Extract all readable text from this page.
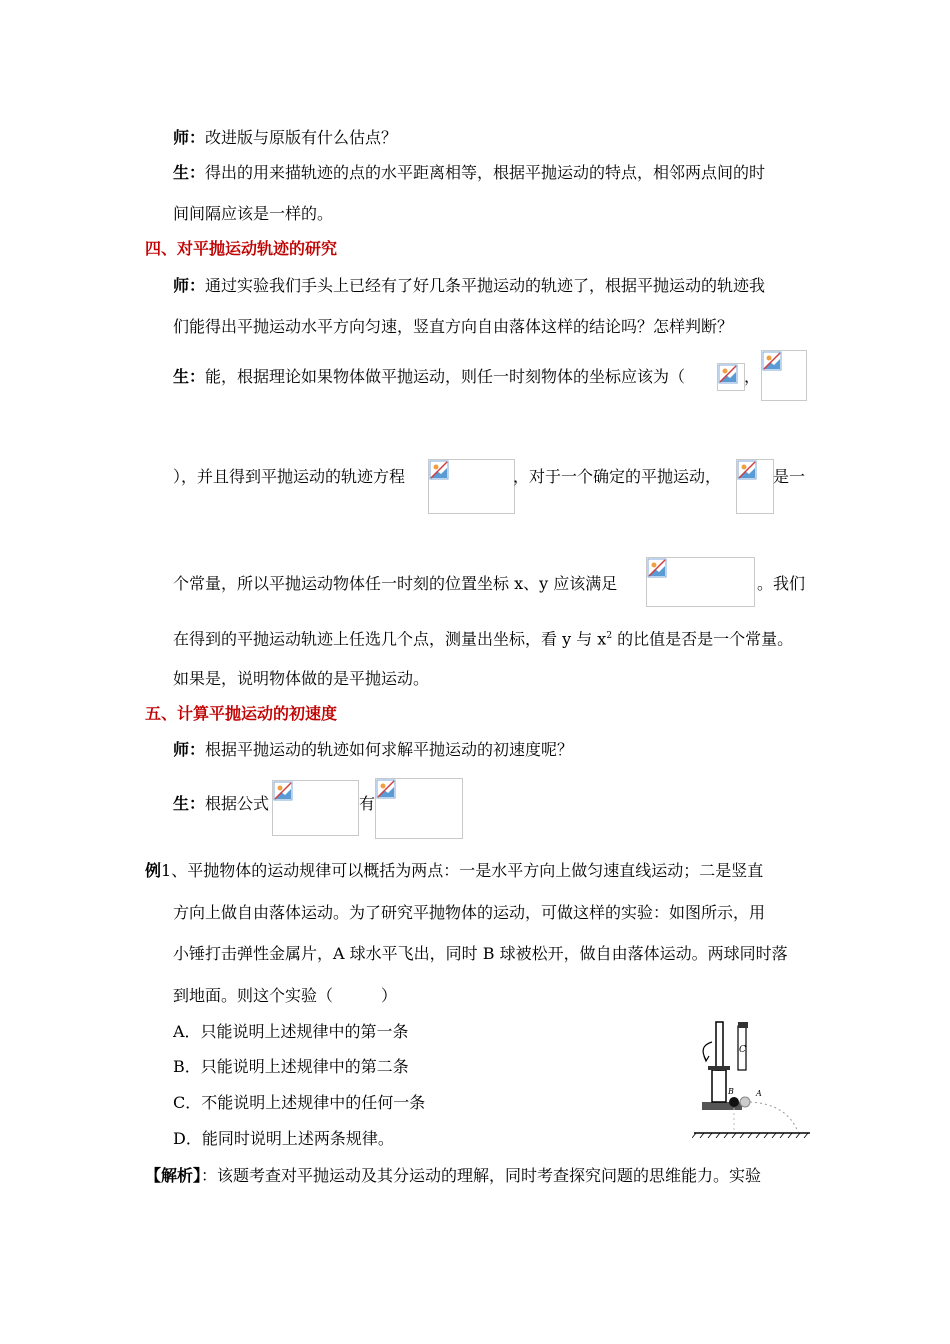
师：改进版与原版有什么估点？
生：得出的用来描轨迹的点的水平距离相等，根据平抛运动的特点，相邻两点间的时
间间隔应该是一样的。
四、对平抛运动轨迹的研究
师：通过实验我们手头上已经有了好几条平抛运动的轨迹了，根据平抛运动的轨迹我
们能得出平抛运动水平方向匀速，竖直方向自由落体这样的结论吗？怎样判断？
生：能，根据理论如果物体做平抛运动，则任一时刻物体的坐标应该为（	，
），并且得到平抛运动的轨迹方程	，对于一个确定的平抛运动，	是一
个常量，所以平抛运动物体任一时刻的位置坐标 x、y 应该满足	。我们
在得到的平抛运动轨迹上任选几个点，测量出坐标，看 y 与 $x^2$ 的比值是否是一个常量。
如果是，说明物体做的是平抛运动。
五、计算平抛运动的初速度
师：根据平抛运动的轨迹如何求解平抛运动的初速度呢？
生：根据公式	有
例1、平抛物体的运动规律可以概括为两点：一是水平方向上做匀速直线运动；二是竖直
方向上做自由落体运动。为了研究平抛物体的运动，可做这样的实验：如图所示，用
小锤打击弹性金属片，A 球水平飞出，同时 B 球被松开，做自由落体运动。两球同时落
到地面。则这个实验（　　　）
A．只能说明上述规律中的第一条
B．只能说明上述规律中的第二条
C．不能说明上述规律中的任何一条
D．能同时说明上述两条规律。
C
B	A
【解析】：该题考查对平抛运动及其分运动的理解，同时考查探究问题的思维能力。实验
